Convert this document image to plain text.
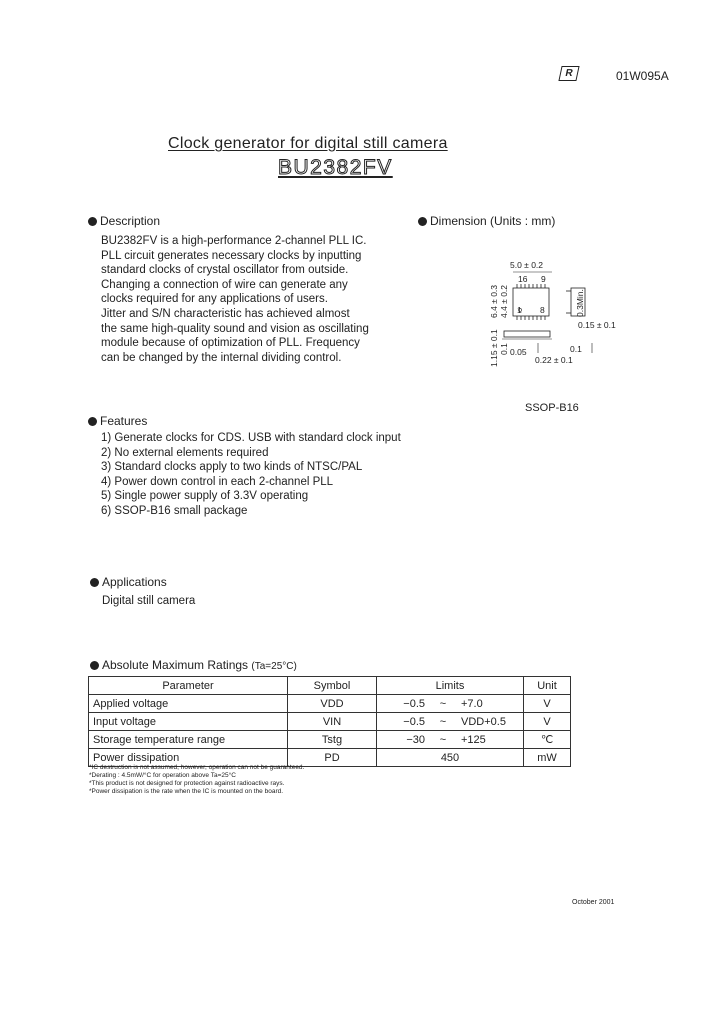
R	01W095A
Clock generator for digital still camera
BU2382FV
Description
BU2382FV is a high-performance 2-channel PLL IC.
PLL circuit generates necessary clocks by inputting
standard clocks of crystal oscillator from outside.
Changing a connection of wire can generate any
clocks required for any applications of users.
Jitter and S/N characteristic has achieved almost
the same high-quality sound and vision as oscillating
module because of optimization of PLL. Frequency
can be changed by the internal dividing control.
Dimension (Units : mm)
5.0 ± 0.2
16 9
1 8
6.4 ± 0.3 4.4 ± 0.2
1.15 ± 0.1 0.1 0.05
0.22 ± 0.1
0.1
0.3Min.
0.15 ± 0.1
SSOP-B16
Features
1) Generate clocks for CDS. USB with standard clock input
2) No external elements required
3) Standard clocks apply to two kinds of NTSC/PAL
4) Power down control in each 2-channel PLL
5) Single power supply of 3.3V operating
6) SSOP-B16 small package
Applications
Digital still camera
Absolute Maximum Ratings (Ta=25°C)
Parameter	Symbol	Limits			Unit
Applied voltage	VDD	−0.5	~	+7.0	V
Input voltage	VIN	−0.5	~	VDD+0.5	V
Storage temperature range	Tstg	−30	~	+125	℃
Power dissipation	PD	450			mW
*IC destruction is not assumed, however, operation can not be guaranteed.
*Derating : 4.5mW/°C for operation above Ta=25°C
*This product is not designed for protection against radioactive rays.
*Power dissipation is the rate when the IC is mounted on the board.
October 2001
